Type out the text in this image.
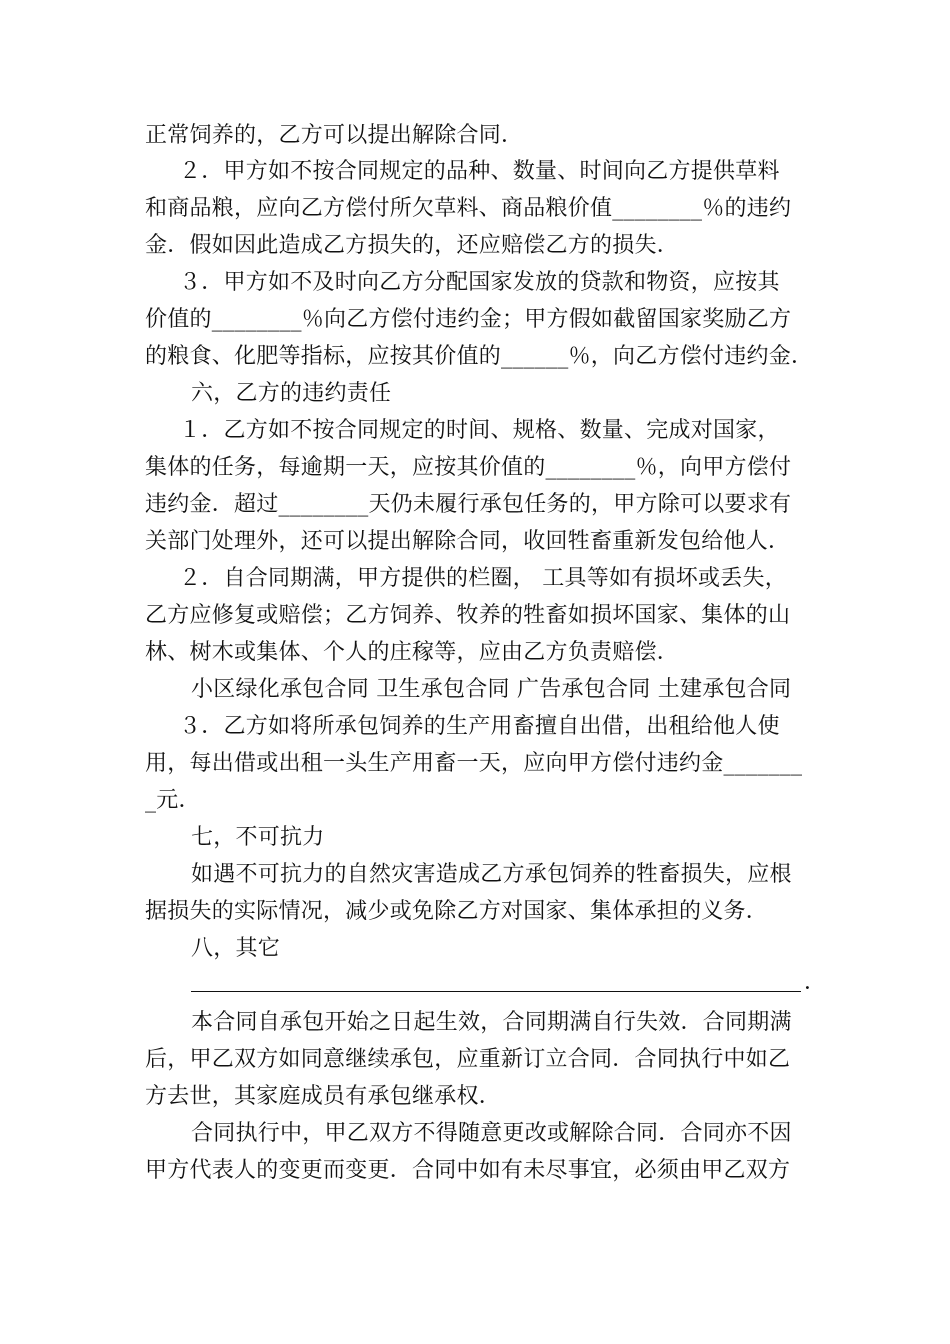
正常饲养的，乙方可以提出解除合同．
２．甲方如不按合同规定的品种、数量、时间向乙方提供草料
和商品粮，应向乙方偿付所欠草料、商品粮价值________％的违约
金．假如因此造成乙方损失的，还应赔偿乙方的损失．
３．甲方如不及时向乙方分配国家发放的贷款和物资，应按其
价值的________％向乙方偿付违约金；甲方假如截留国家奖励乙方
的粮食、化肥等指标，应按其价值的______％，向乙方偿付违约金．
六，乙方的违约责任
１．乙方如不按合同规定的时间、规格、数量、完成对国家，
集体的任务，每逾期一天，应按其价值的________％，向甲方偿付
违约金．超过________天仍未履行承包任务的，甲方除可以要求有
关部门处理外，还可以提出解除合同，收回牲畜重新发包给他人．
２．自合同期满，甲方提供的栏圈， 工具等如有损坏或丢失，
乙方应修复或赔偿；乙方饲养、牧养的牲畜如损坏国家、集体的山
林、树木或集体、个人的庄稼等，应由乙方负责赔偿．
小区绿化承包合同 卫生承包合同 广告承包合同 土建承包合同
３．乙方如将所承包饲养的生产用畜擅自出借，出租给他人使
用，每出借或出租一头生产用畜一天，应向甲方偿付违约金_______
_元．
七，不可抗力
如遇不可抗力的自然灾害造成乙方承包饲养的牲畜损失，应根
据损失的实际情况，减少或免除乙方对国家、集体承担的义务．
八，其它
．
本合同自承包开始之日起生效，合同期满自行失效．合同期满
后，甲乙双方如同意继续承包，应重新订立合同．合同执行中如乙
方去世，其家庭成员有承包继承权．
合同执行中，甲乙双方不得随意更改或解除合同．合同亦不因
甲方代表人的变更而变更．合同中如有未尽事宜，必须由甲乙双方
